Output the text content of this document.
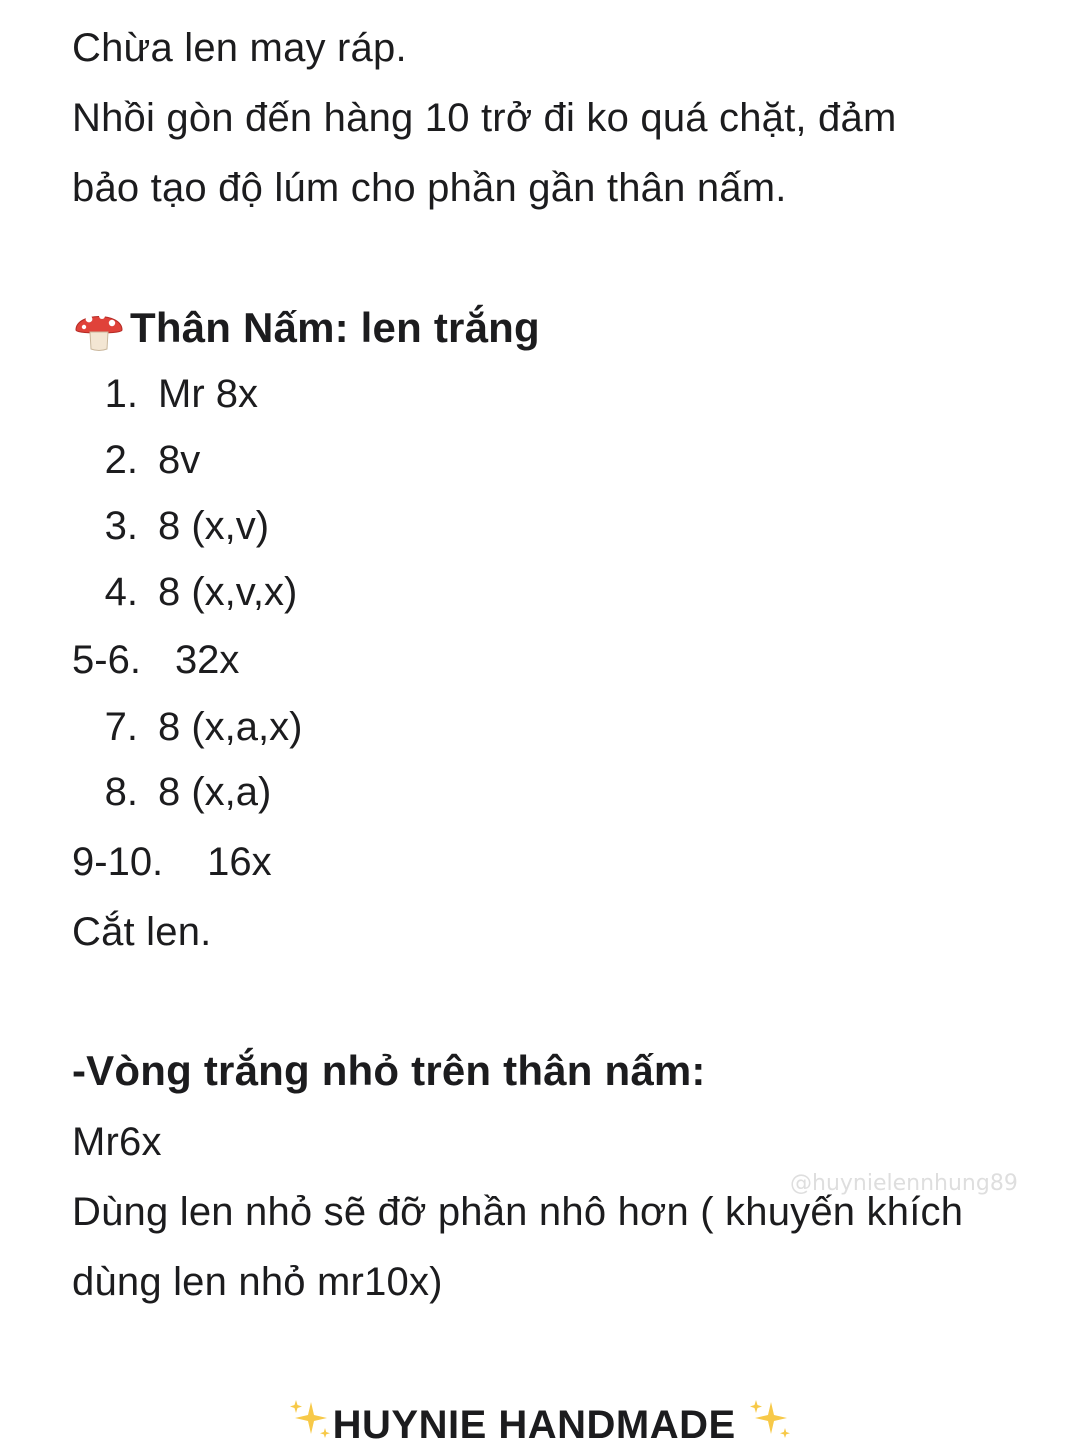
Chừa len may ráp.
Nhồi gòn đến hàng 10 trở đi ko quá chặt, đảm
bảo tạo độ lúm cho phần gần thân nấm.
Thân Nấm: len trắng
1. Mr 8x
2. 8v
3. 8 (x,v)
4. 8 (x,v,x)
5-6. 32x
7. 8 (x,a,x)
8. 8 (x,a)
9-10. 16x
Cắt len.
-Vòng trắng nhỏ trên thân nấm:
Mr6x
Dùng len nhỏ sẽ đỡ phần nhô hơn ( khuyến khích
dùng len nhỏ mr10x)
@huynielennhung89
HUYNIE HANDMADE
